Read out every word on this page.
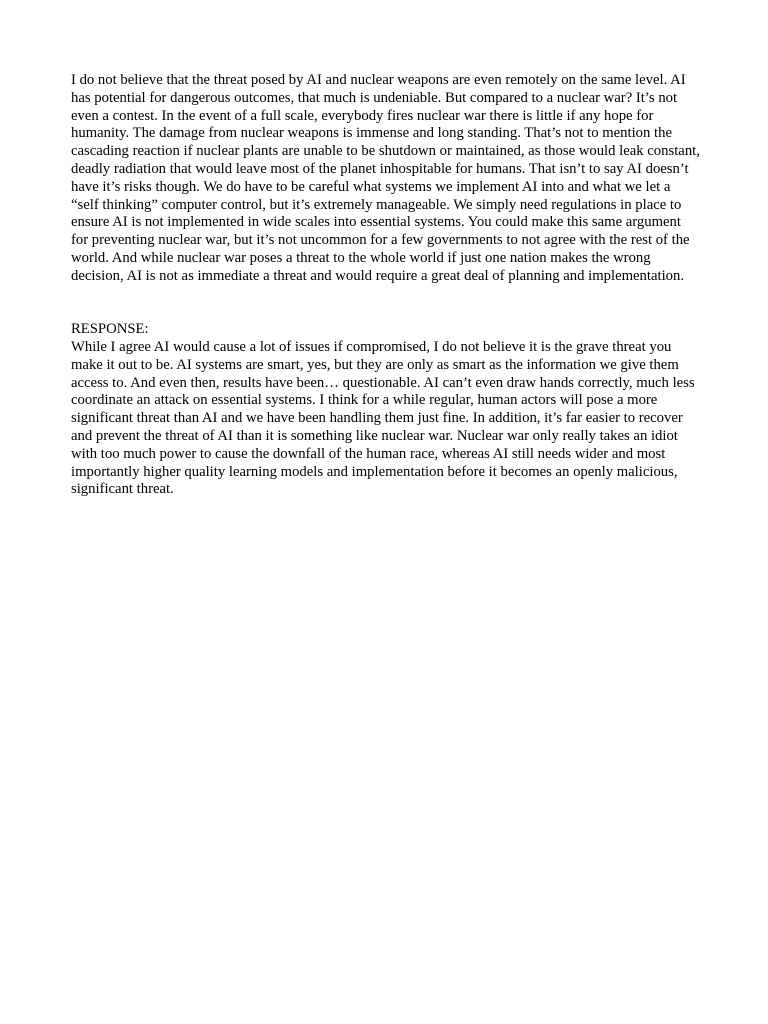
I do not believe that the threat posed by AI and nuclear weapons are even remotely on the same level. AI has potential for dangerous outcomes, that much is undeniable. But compared to a nuclear war? It’s not even a contest. In the event of a full scale, everybody fires nuclear war there is little if any hope for humanity. The damage from nuclear weapons is immense and long standing. That’s not to mention the cascading reaction if nuclear plants are unable to be shutdown or maintained, as those would leak constant, deadly radiation that would leave most of the planet inhospitable for humans. That isn’t to say AI doesn’t have it’s risks though. We do have to be careful what systems we implement AI into and what we let a “self thinking” computer control, but it’s extremely manageable. We simply need regulations in place to ensure AI is not implemented in wide scales into essential systems. You could make this same argument for preventing nuclear war, but it’s not uncommon for a few governments to not agree with the rest of the world. And while nuclear war poses a threat to the whole world if just one nation makes the wrong decision, AI is not as immediate a threat and would require a great deal of planning and implementation.

RESPONSE:

While I agree AI would cause a lot of issues if compromised, I do not believe it is the grave threat you make it out to be. AI systems are smart, yes, but they are only as smart as the information we give them access to. And even then, results have been… questionable. AI can’t even draw hands correctly, much less coordinate an attack on essential systems. I think for a while regular, human actors will pose a more significant threat than AI and we have been handling them just fine. In addition, it’s far easier to recover and prevent the threat of AI than it is something like nuclear war. Nuclear war only really takes an idiot with too much power to cause the downfall of the human race, whereas AI still needs wider and most importantly higher quality learning models and implementation before it becomes an openly malicious, significant threat.
